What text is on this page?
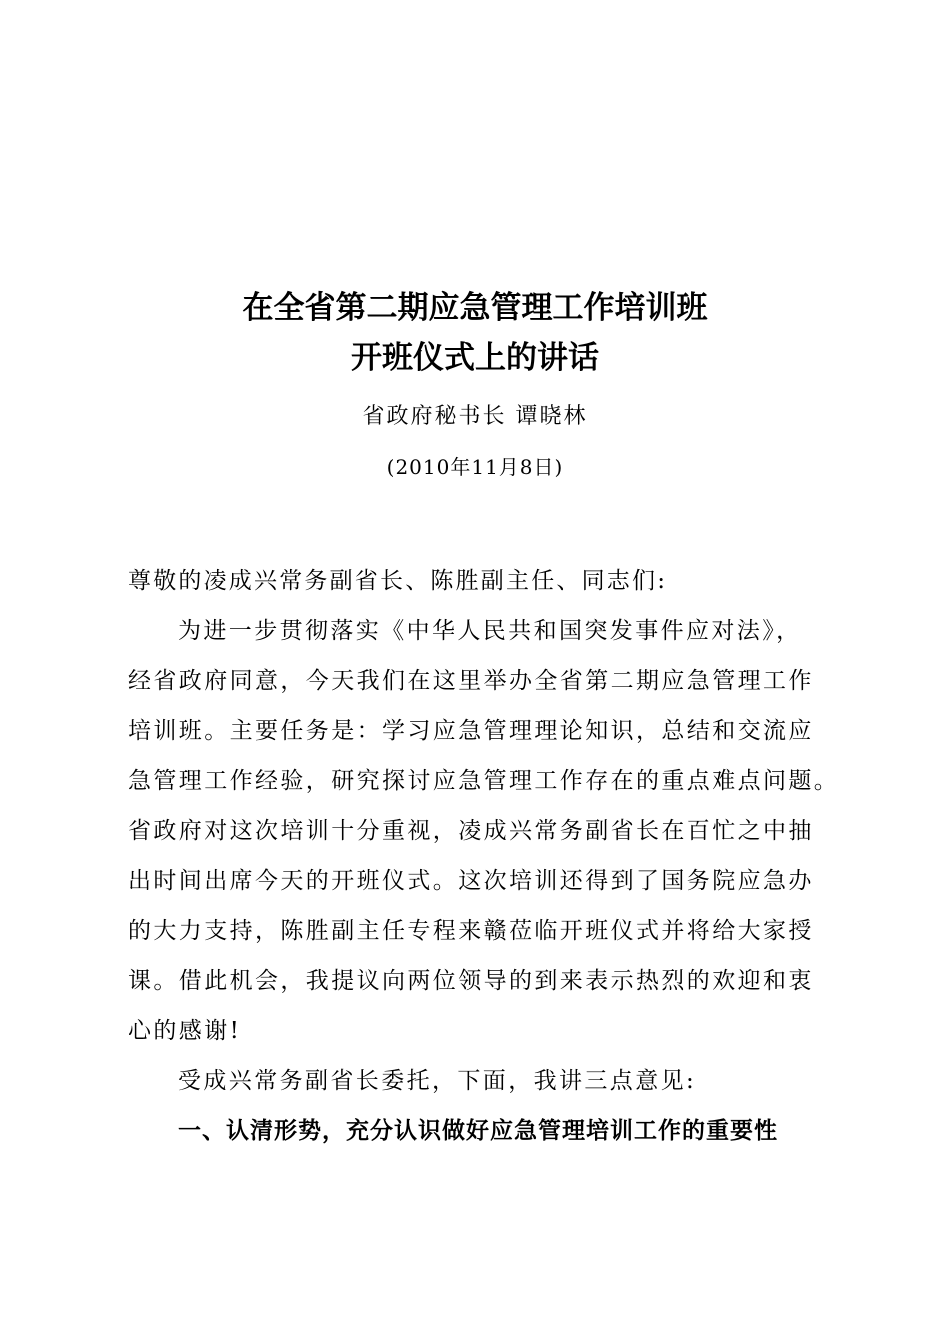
在全省第二期应急管理工作培训班
开班仪式上的讲话
省政府秘书长 谭晓林
(2010年11月8日)
尊敬的凌成兴常务副省长、陈胜副主任、同志们:
为进一步贯彻落实《中华人民共和国突发事件应对法》，
经省政府同意，今天我们在这里举办全省第二期应急管理工作
培训班。主要任务是：学习应急管理理论知识，总结和交流应
急管理工作经验，研究探讨应急管理工作存在的重点难点问题。
省政府对这次培训十分重视，凌成兴常务副省长在百忙之中抽
出时间出席今天的开班仪式。这次培训还得到了国务院应急办
的大力支持，陈胜副主任专程来赣莅临开班仪式并将给大家授
课。借此机会，我提议向两位领导的到来表示热烈的欢迎和衷
心的感谢!
受成兴常务副省长委托，下面，我讲三点意见:
一、认清形势，充分认识做好应急管理培训工作的重要性
